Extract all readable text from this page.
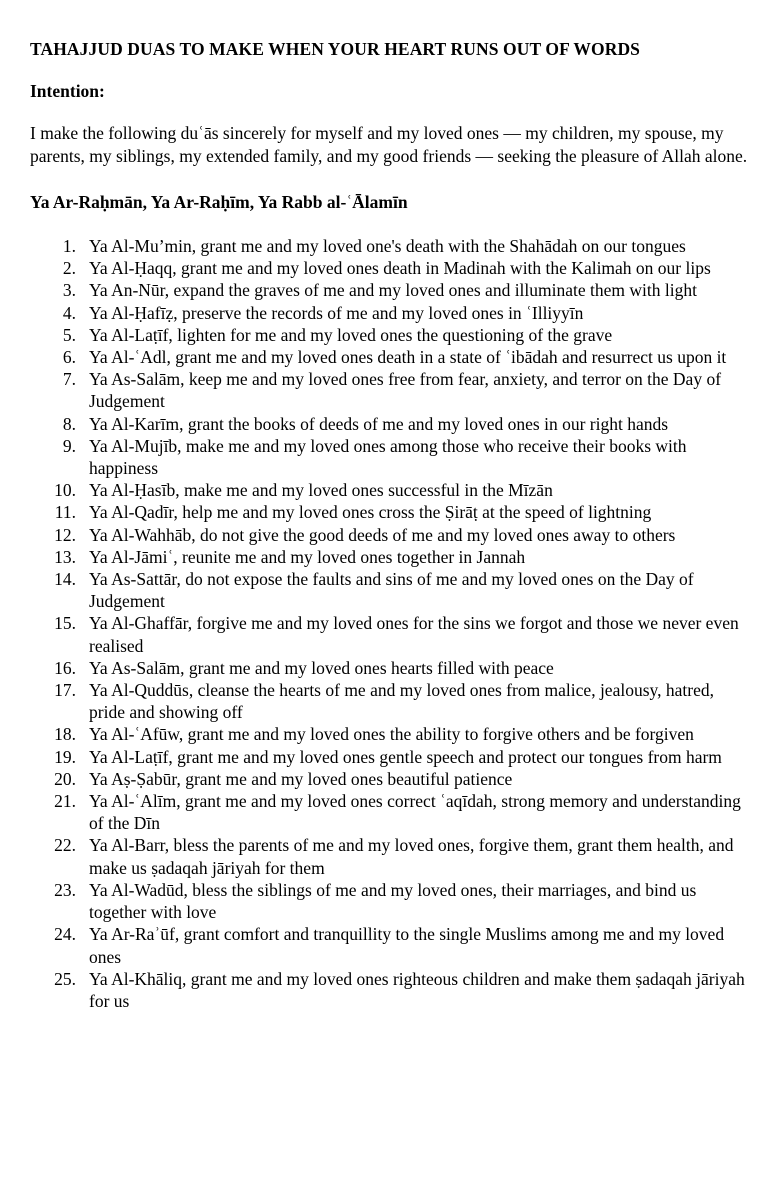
TAHAJJUD DUAS TO MAKE WHEN YOUR HEART RUNS OUT OF WORDS
Intention:

I make the following duʿās sincerely for myself and my loved ones — my children, my spouse, my parents, my siblings, my extended family, and my good friends — seeking the pleasure of Allah alone.

Ya Ar-Raḥmān, Ya Ar-Raḥīm, Ya Rabb al-ʿĀlamīn
1. Ya Al-Mu’min, grant me and my loved one's death with the Shahādah on our tongues
2. Ya Al-Ḥaqq, grant me and my loved ones death in Madinah with the Kalimah on our lips
3. Ya An-Nūr, expand the graves of me and my loved ones and illuminate them with light
4. Ya Al-Ḥafīẓ, preserve the records of me and my loved ones in ʿIlliyyīn
5. Ya Al-Laṭīf, lighten for me and my loved ones the questioning of the grave
6. Ya Al-ʿAdl, grant me and my loved ones death in a state of ʿibādah and resurrect us upon it
7. Ya As-Salām, keep me and my loved ones free from fear, anxiety, and terror on the Day of Judgement
8. Ya Al-Karīm, grant the books of deeds of me and my loved ones in our right hands
9. Ya Al-Mujīb, make me and my loved ones among those who receive their books with happiness
10. Ya Al-Ḥasīb, make me and my loved ones successful in the Mīzān
11. Ya Al-Qadīr, help me and my loved ones cross the Ṣirāṭ at the speed of lightning
12. Ya Al-Wahhāb, do not give the good deeds of me and my loved ones away to others
13. Ya Al-Jāmiʿ, reunite me and my loved ones together in Jannah
14. Ya As-Sattār, do not expose the faults and sins of me and my loved ones on the Day of Judgement
15. Ya Al-Ghaffār, forgive me and my loved ones for the sins we forgot and those we never even realised
16. Ya As-Salām, grant me and my loved ones hearts filled with peace
17. Ya Al-Quddūs, cleanse the hearts of me and my loved ones from malice, jealousy, hatred, pride and showing off
18. Ya Al-ʿAfūw, grant me and my loved ones the ability to forgive others and be forgiven
19. Ya Al-Laṭīf, grant me and my loved ones gentle speech and protect our tongues from harm
20. Ya Aṣ-Ṣabūr, grant me and my loved ones beautiful patience
21. Ya Al-ʿAlīm, grant me and my loved ones correct ʿaqīdah, strong memory and understanding of the Dīn
22. Ya Al-Barr, bless the parents of me and my loved ones, forgive them, grant them health, and make us ṣadaqah jāriyah for them
23. Ya Al-Wadūd, bless the siblings of me and my loved ones, their marriages, and bind us together with love
24. Ya Ar-Raʾūf, grant comfort and tranquillity to the single Muslims among me and my loved ones
25. Ya Al-Khāliq, grant me and my loved ones righteous children and make them ṣadaqah jāriyah for us
